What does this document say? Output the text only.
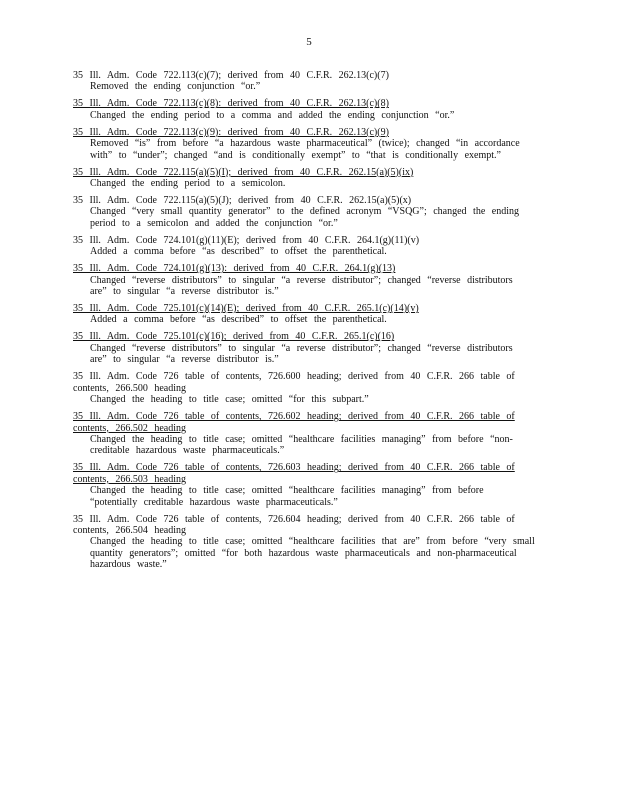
5
35 Ill. Adm. Code 722.113(c)(7); derived from 40 C.F.R. 262.13(c)(7)
Removed the ending conjunction “or.”
35 Ill. Adm. Code 722.113(c)(8): derived from 40 C.F.R. 262.13(c)(8)
Changed the ending period to a comma and added the ending conjunction “or.”
35 Ill. Adm. Code 722.113(c)(9): derived from 40 C.F.R. 262.13(c)(9)
Removed “is” from before “a hazardous waste pharmaceutical” (twice); changed “in accordance with” to “under”; changed “and is conditionally exempt” to “that is conditionally exempt.”
35 Ill. Adm. Code 722.115(a)(5)(I); derived from 40 C.F.R. 262.15(a)(5)(ix)
Changed the ending period to a semicolon.
35 Ill. Adm. Code 722.115(a)(5)(J); derived from 40 C.F.R. 262.15(a)(5)(x)
Changed “very small quantity generator” to the defined acronym “VSQG”; changed the ending period to a semicolon and added the conjunction “or.”
35 Ill. Adm. Code 724.101(g)(11)(E); derived from 40 C.F.R. 264.1(g)(11)(v)
Added a comma before “as described” to offset the parenthetical.
35 Ill. Adm. Code 724.101(g)(13): derived from 40 C.F.R. 264.1(g)(13)
Changed “reverse distributors” to singular “a reverse distributor”; changed “reverse distributors are” to singular “a reverse distributor is.”
35 Ill. Adm. Code 725.101(c)(14)(E); derived from 40 C.F.R. 265.1(c)(14)(v)
Added a comma before “as described” to offset the parenthetical.
35 Ill. Adm. Code 725.101(c)(16); derived from 40 C.F.R. 265.1(c)(16)
Changed “reverse distributors” to singular “a reverse distributor”; changed “reverse distributors are” to singular “a reverse distributor is.”
35 Ill. Adm. Code 726 table of contents, 726.600 heading; derived from 40 C.F.R. 266 table of contents, 266.500 heading
Changed the heading to title case; omitted “for this subpart.”
35 Ill. Adm. Code 726 table of contents, 726.602 heading; derived from 40 C.F.R. 266 table of contents, 266.502 heading
Changed the heading to title case; omitted “healthcare facilities managing” from before “non-creditable hazardous waste pharmaceuticals.”
35 Ill. Adm. Code 726 table of contents, 726.603 heading; derived from 40 C.F.R. 266 table of contents, 266.503 heading
Changed the heading to title case; omitted “healthcare facilities managing” from before “potentially creditable hazardous waste pharmaceuticals.”
35 Ill. Adm. Code 726 table of contents, 726.604 heading; derived from 40 C.F.R. 266 table of contents, 266.504 heading
Changed the heading to title case; omitted “healthcare facilities that are” from before “very small quantity generators”; omitted “for both hazardous waste pharmaceuticals and non-pharmaceutical hazardous waste.”
